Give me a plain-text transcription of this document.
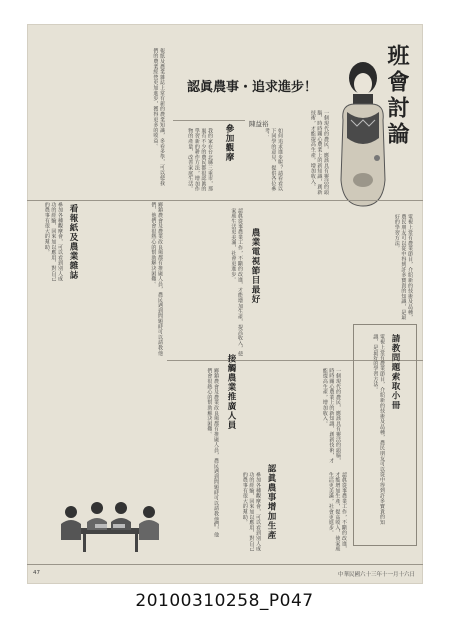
班會討論
認眞農事・追求進步！
陳益裕	一個現代的農民，應該具有靈活的頭腦，時時關心農業上的新知識，創新技術，才能提高生產，增加收入。
如何追求進步呢？請看看以下同學的意見，提供各位參考：
參加觀摩
我的家在台北縣三重市，那裏有不少的農民都很認眞的學習新的耕作方法，增加作物的產量，改善家庭生活。
報紙及農業雜誌上常有新的農業知識，多看多學，可以使我們的農業經營更加進步，獲得更多的收益。
看報紙及農業雜誌
參加各種觀摩會，可以看到別人成功的經驗，回來加以應用，對自己的農事有很大的幫助。	鄉鎮農會及農業改良場都有推廣人員，農民遇到問題時可以請教他們，他們會很熱心的幫助解決困難。	電視上常有農業節目，介紹新的技術及品種，農民朋友可以從中得到許多寶貴的知識，是最好的學習方法。
農業電視節目最好
認眞從事農業工作，不斷的改進，才能增加生產，提高收入，使家庭生活更美滿，社會更進步。
接觸農業推廣人員	一個現代的農民，應該具有靈活的頭腦，時時關心農業上的新知識，創新技術，才能提高生產，增加收入。
鄉鎮農會及農業改良場都有推廣人員，農民遇到問題時可以請教他們，他們會很熱心的幫助解決困難。	請教問題索取小冊
電視上常有農業節目，介紹新的技術及品種，農民朋友可以從中得到許多寶貴的知識，是最好的學習方法。
認眞農事增加生產	認眞從事農業工作，不斷的改進，才能增加生產，提高收入，使家庭生活更美滿，社會更進步。
參加各種觀摩會，可以看到別人成功的經驗，回來加以應用，對自己的農事有很大的幫助。
47	中華民國六十三年十一月十六日
20100310258_P047
